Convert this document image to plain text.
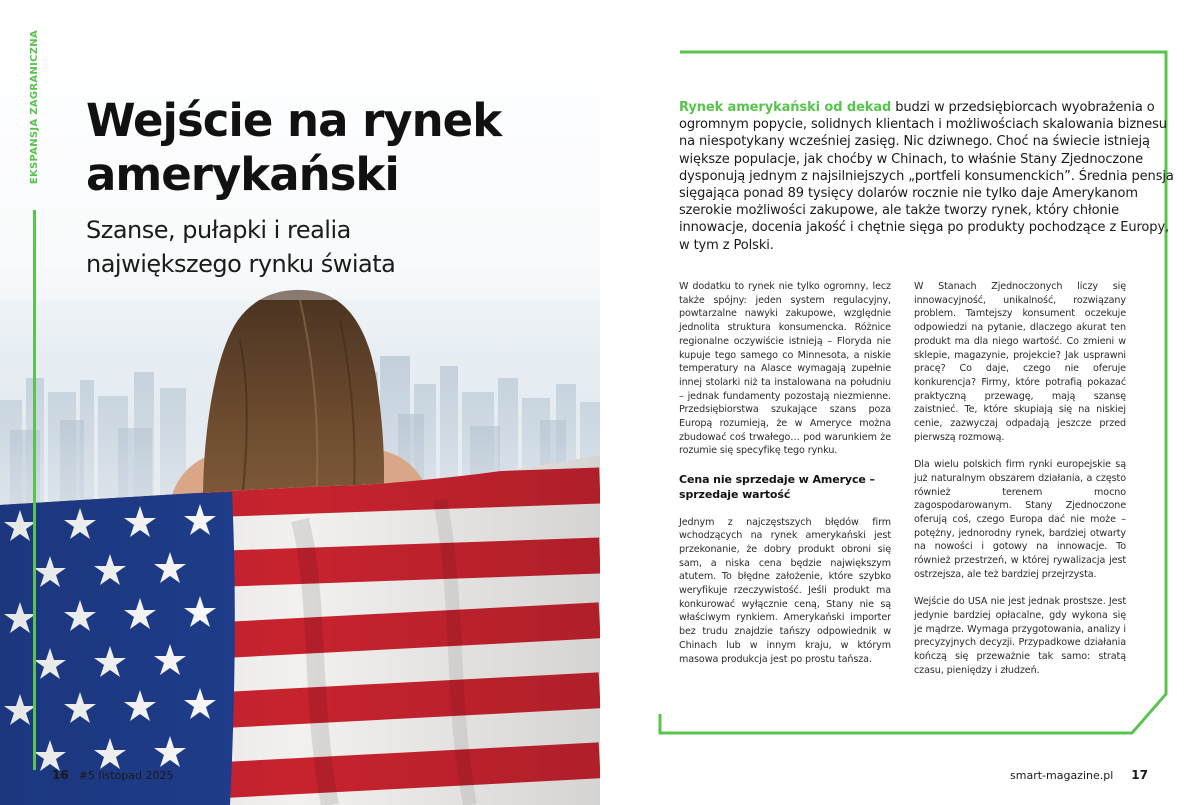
EKSPANSJA ZAGRANICZNA Wejście na rynek
amerykański
Szanse, pułapki i realia
największego rynku świata
16 #5 listopad 2025

Rynek amerykański od dekad budzi w przedsiębiorcach wyobrażenia o ogromnym popycie, solidnych klientach i możliwościach skalowania biznesu na niespotykany wcześniej zasięg. Nic dziwnego. Choć na świecie istnieją większe populacje, jak choćby w Chinach, to właśnie Stany Zjednoczone dysponują jednym z najsilniejszych „portfeli konsumenckich”. Średnia pensja sięgająca ponad 89 tysięcy dolarów rocznie nie tylko daje Amerykanom szerokie możliwości zakupowe, ale także tworzy rynek, który chłonie innowacje, docenia jakość i chętnie sięga po produkty pochodzące z Europy, w tym z Polski.

W dodatku to rynek nie tylko ogromny, lecz także spójny: jeden system regulacyjny, powtarzalne nawyki zakupowe, względnie jednolita struktura konsumencka. Różnice regionalne oczywiście istnieją – Floryda nie kupuje tego samego co Minnesota, a niskie temperatury na Alasce wymagają zupełnie innej stolarki niż ta instalowana na południu – jednak fundamenty pozostają niezmienne. Przedsiębiorstwa szukające szans poza Europą rozumieją, że w Ameryce można zbudować coś trwałego… pod warunkiem że rozumie się specyfikę tego rynku.

Cena nie sprzedaje w Ameryce – sprzedaje wartość

Jednym z najczęstszych błędów firm wchodzących na rynek amerykański jest przekonanie, że dobry produkt obroni się sam, a niska cena będzie największym atutem. To błędne założenie, które szybko weryfikuje rzeczywistość. Jeśli produkt ma konkurować wyłącznie ceną, Stany nie są właściwym rynkiem. Amerykański importer bez trudu znajdzie tańszy odpowiednik w Chinach lub w innym kraju, w którym masowa produkcja jest po prostu tańsza.

W Stanach Zjednoczonych liczy się innowacyjność, unikalność, rozwiązany problem. Tamtejszy konsument oczekuje odpowiedzi na pytanie, dlaczego akurat ten produkt ma dla niego wartość. Co zmieni w sklepie, magazynie, projekcie? Jak usprawni pracę? Co daje, czego nie oferuje konkurencja? Firmy, które potrafią pokazać praktyczną przewagę, mają szansę zaistnieć. Te, które skupiają się na niskiej cenie, zazwyczaj odpadają jeszcze przed pierwszą rozmową.

Dla wielu polskich firm rynki europejskie są już naturalnym obszarem działania, a często również terenem mocno zagospodarowanym. Stany Zjednoczone oferują coś, czego Europa dać nie może – potężny, jednorodny rynek, bardziej otwarty na nowości i gotowy na innowacje. To również przestrzeń, w której rywalizacja jest ostrzejsza, ale też bardziej przejrzysta.

Wejście do USA nie jest jednak prostsze. Jest jedynie bardziej opłacalne, gdy wykona się je mądrze. Wymaga przygotowania, analizy i precyzyjnych decyzji. Przypadkowe działania kończą się przeważnie tak samo: stratą czasu, pieniędzy i złudzeń.

smart-magazine.pl 17
